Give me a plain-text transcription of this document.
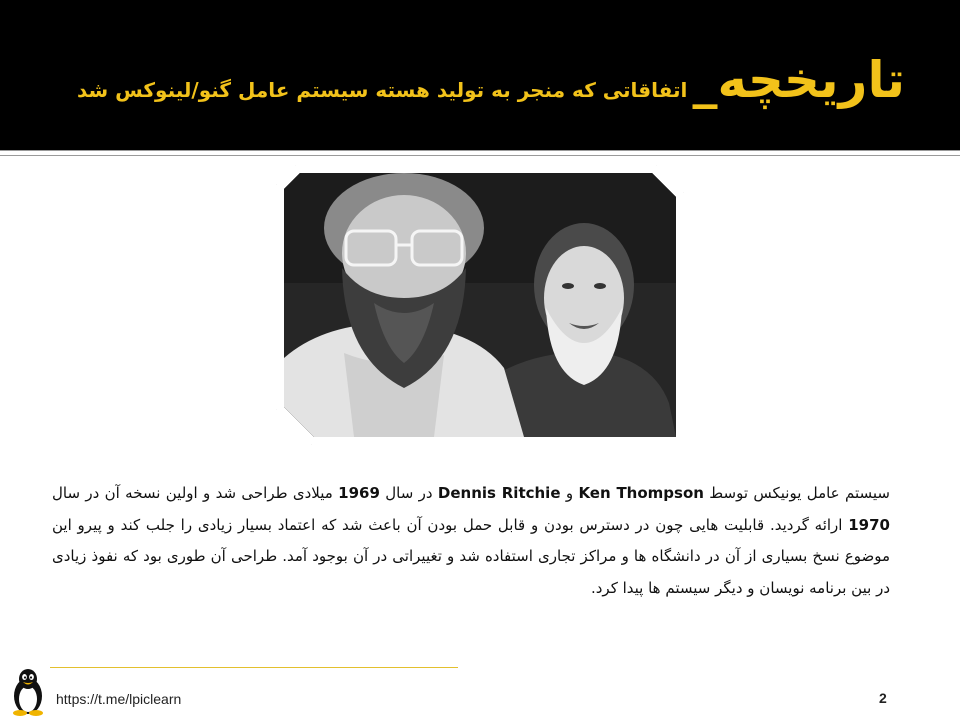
تاریخچه_ اتفاقاتی که منجر به تولید هسته سیستم عامل گنو/لینوکس شد
سیستم عامل یونیکس توسط Ken Thompson و Dennis Ritchie در سال 1969 میلادی طراحی شد و اولین نسخه آن در سال 1970 ارائه گردید. قابلیت هایی چون در دسترس بودن و قابل حمل بودن آن باعث شد که اعتماد بسیار زیادی را جلب کند و پیرو این موضوع نسخ بسیاری از آن در دانشگاه ها و مراکز تجاری استفاده شد و تغییراتی در آن بوجود آمد. طراحی آن طوری بود که نفوذ زیادی در بین برنامه نویسان و دیگر سیستم ها پیدا کرد.
https://t.me/lpiclearn	2
